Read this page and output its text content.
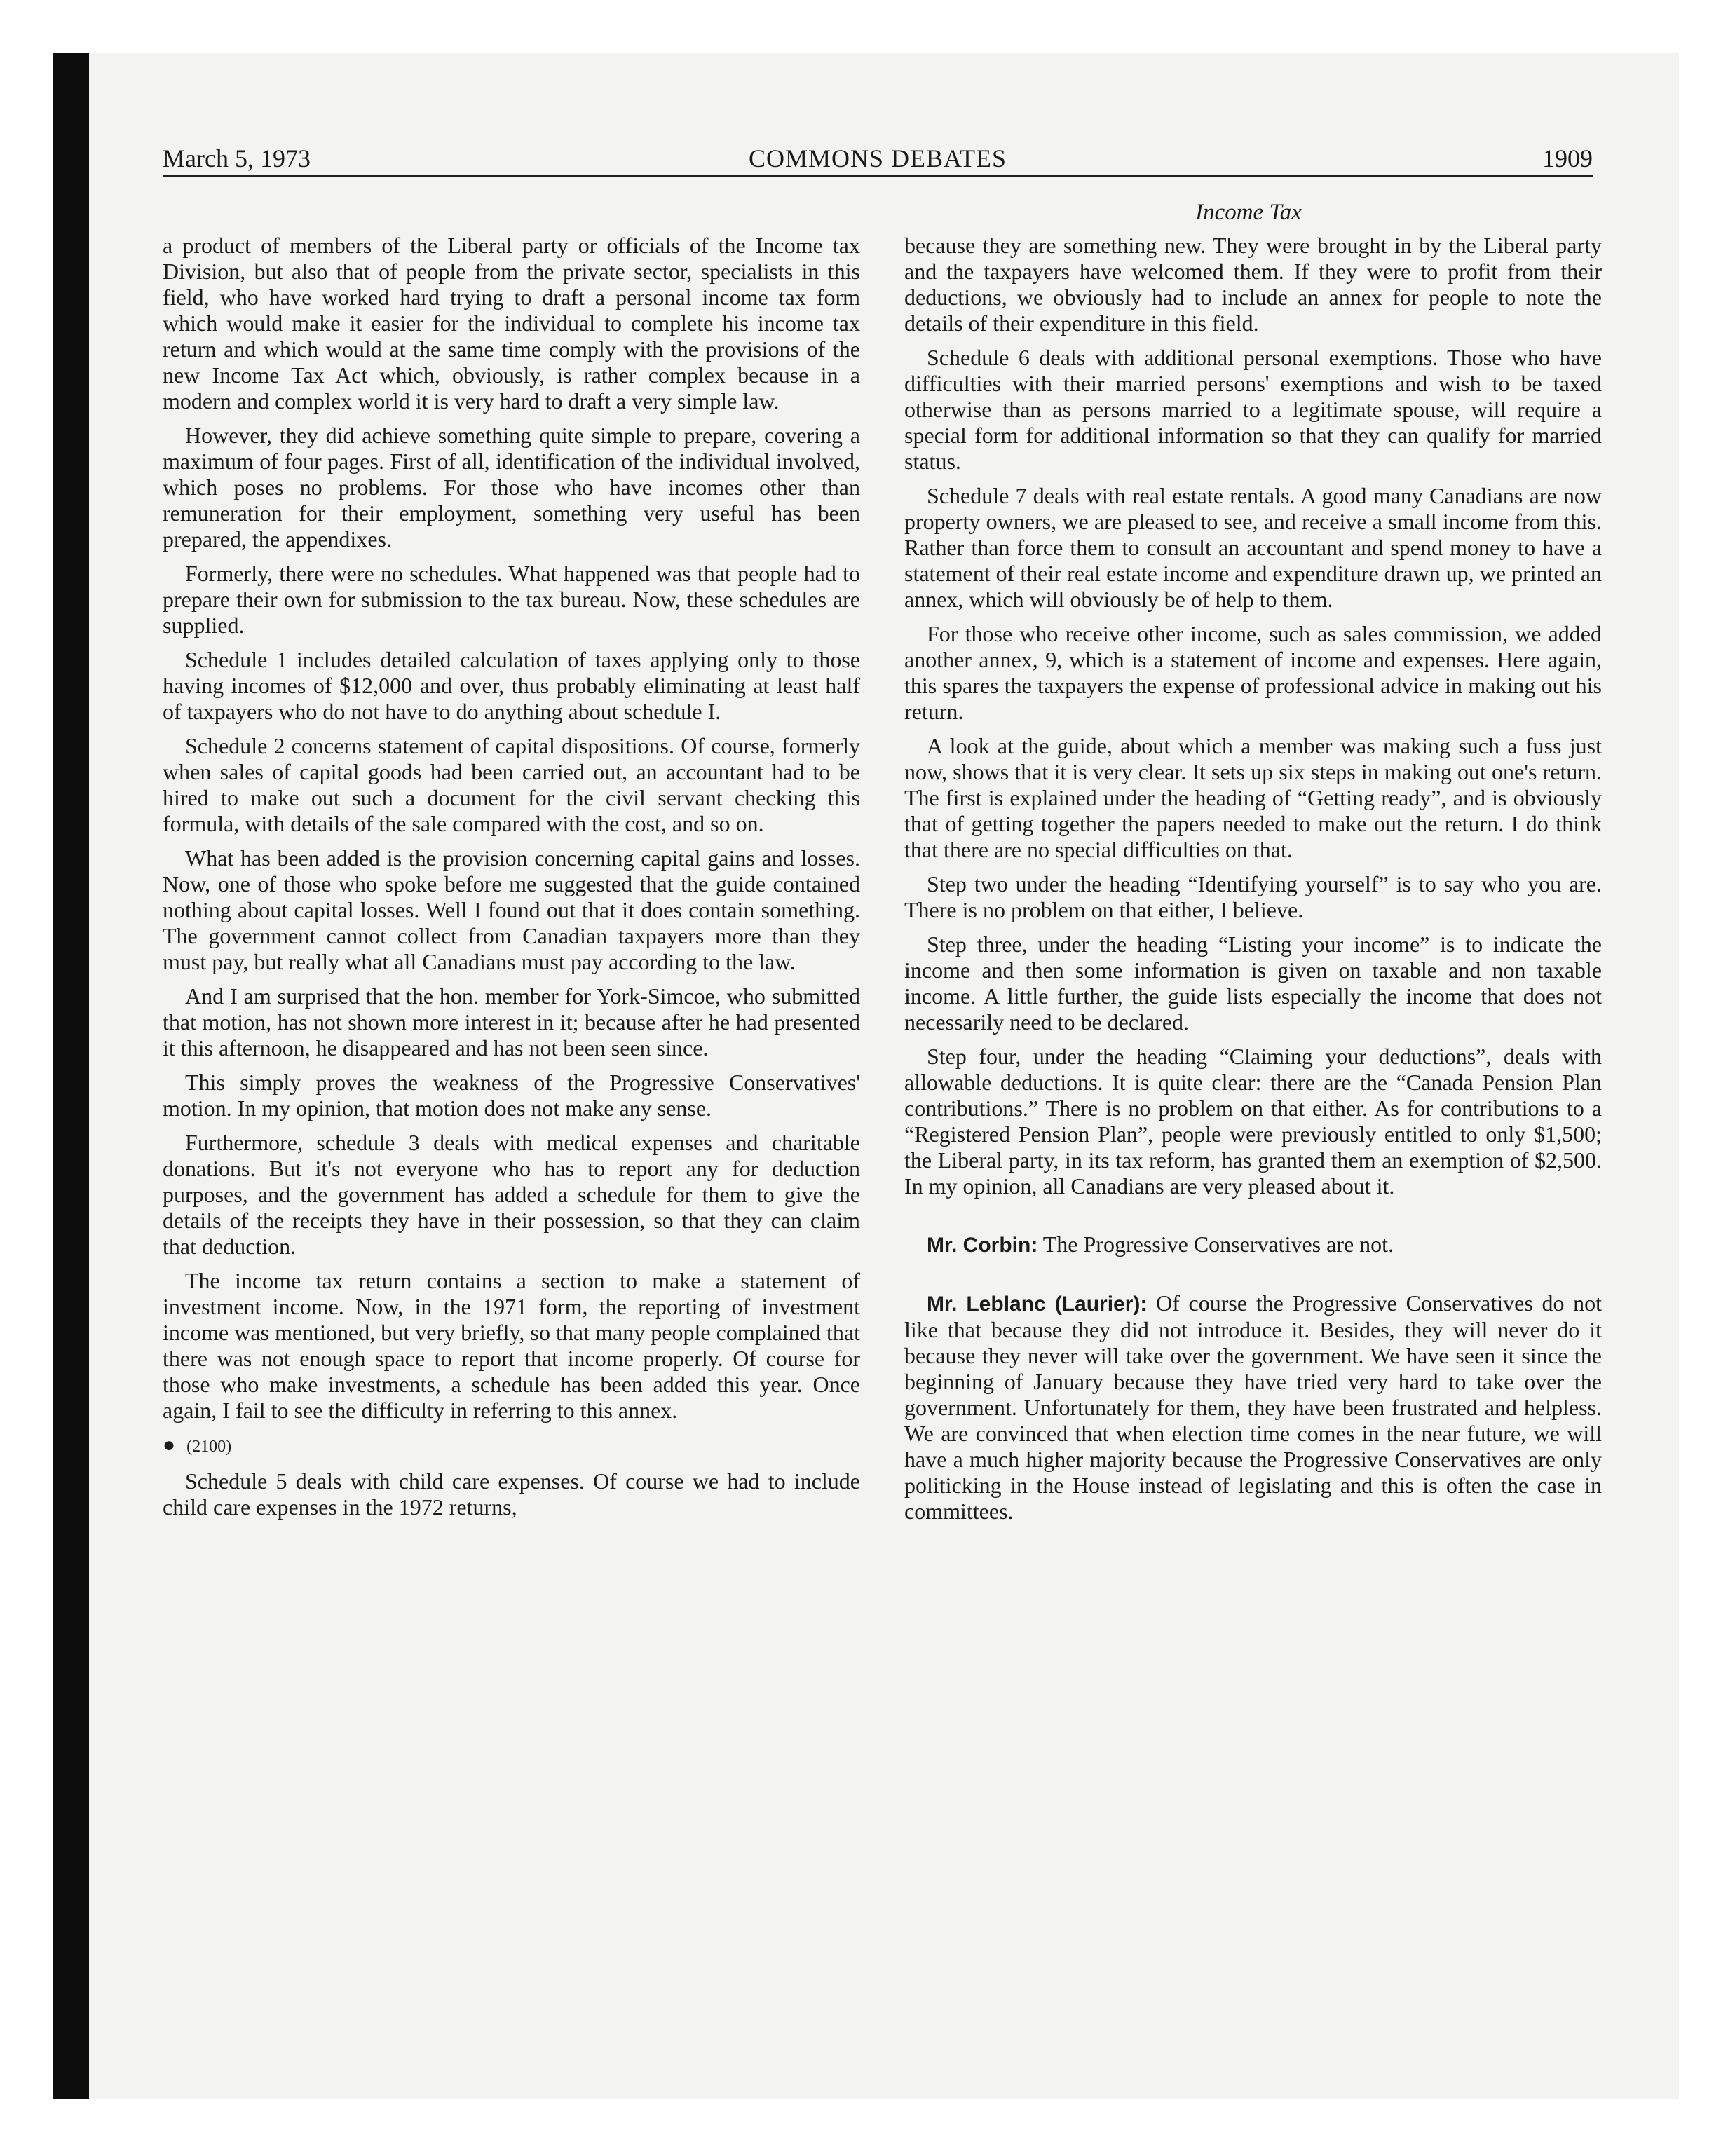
March 5, 1973	COMMONS DEBATES	1909
Income Tax

a product of members of the Liberal party or officials of the Income tax Division, but also that of people from the private sector, specialists in this field, who have worked hard trying to draft a personal income tax form which would make it easier for the individual to complete his income tax return and which would at the same time comply with the provisions of the new Income Tax Act which, obviously, is rather complex because in a modern and complex world it is very hard to draft a very simple law.

However, they did achieve something quite simple to prepare, covering a maximum of four pages. First of all, identification of the individual involved, which poses no problems. For those who have incomes other than remuneration for their employment, something very useful has been prepared, the appendixes.

Formerly, there were no schedules. What happened was that people had to prepare their own for submission to the tax bureau. Now, these schedules are supplied.

Schedule 1 includes detailed calculation of taxes applying only to those having incomes of $12,000 and over, thus probably eliminating at least half of taxpayers who do not have to do anything about schedule I.

Schedule 2 concerns statement of capital dispositions. Of course, formerly when sales of capital goods had been carried out, an accountant had to be hired to make out such a document for the civil servant checking this formula, with details of the sale compared with the cost, and so on.

What has been added is the provision concerning capital gains and losses. Now, one of those who spoke before me suggested that the guide contained nothing about capital losses. Well I found out that it does contain something. The government cannot collect from Canadian taxpayers more than they must pay, but really what all Canadians must pay according to the law.

And I am surprised that the hon. member for York-Simcoe, who submitted that motion, has not shown more interest in it; because after he had presented it this afternoon, he disappeared and has not been seen since.

This simply proves the weakness of the Progressive Conservatives' motion. In my opinion, that motion does not make any sense.

Furthermore, schedule 3 deals with medical expenses and charitable donations. But it's not everyone who has to report any for deduction purposes, and the government has added a schedule for them to give the details of the receipts they have in their possession, so that they can claim that deduction.

The income tax return contains a section to make a statement of investment income. Now, in the 1971 form, the reporting of investment income was mentioned, but very briefly, so that many people complained that there was not enough space to report that income properly. Of course for those who make investments, a schedule has been added this year. Once again, I fail to see the difficulty in referring to this annex.

● (2100)

Schedule 5 deals with child care expenses. Of course we had to include child care expenses in the 1972 returns,

because they are something new. They were brought in by the Liberal party and the taxpayers have welcomed them. If they were to profit from their deductions, we obviously had to include an annex for people to note the details of their expenditure in this field.

Schedule 6 deals with additional personal exemptions. Those who have difficulties with their married persons' exemptions and wish to be taxed otherwise than as persons married to a legitimate spouse, will require a special form for additional information so that they can qualify for married status.

Schedule 7 deals with real estate rentals. A good many Canadians are now property owners, we are pleased to see, and receive a small income from this. Rather than force them to consult an accountant and spend money to have a statement of their real estate income and expenditure drawn up, we printed an annex, which will obviously be of help to them.

For those who receive other income, such as sales commission, we added another annex, 9, which is a statement of income and expenses. Here again, this spares the taxpayers the expense of professional advice in making out his return.

A look at the guide, about which a member was making such a fuss just now, shows that it is very clear. It sets up six steps in making out one's return. The first is explained under the heading of “Getting ready”, and is obviously that of getting together the papers needed to make out the return. I do think that there are no special difficulties on that.

Step two under the heading “Identifying yourself” is to say who you are. There is no problem on that either, I believe.

Step three, under the heading “Listing your income” is to indicate the income and then some information is given on taxable and non taxable income. A little further, the guide lists especially the income that does not necessarily need to be declared.

Step four, under the heading “Claiming your deductions”, deals with allowable deductions. It is quite clear: there are the “Canada Pension Plan contributions.” There is no problem on that either. As for contributions to a “Registered Pension Plan”, people were previously entitled to only $1,500; the Liberal party, in its tax reform, has granted them an exemption of $2,500. In my opinion, all Canadians are very pleased about it.

Mr. Corbin: The Progressive Conservatives are not.

Mr. Leblanc (Laurier): Of course the Progressive Conservatives do not like that because they did not introduce it. Besides, they will never do it because they never will take over the government. We have seen it since the beginning of January because they have tried very hard to take over the government. Unfortunately for them, they have been frustrated and helpless. We are convinced that when election time comes in the near future, we will have a much higher majority because the Progressive Conservatives are only politicking in the House instead of legislating and this is often the case in committees.
